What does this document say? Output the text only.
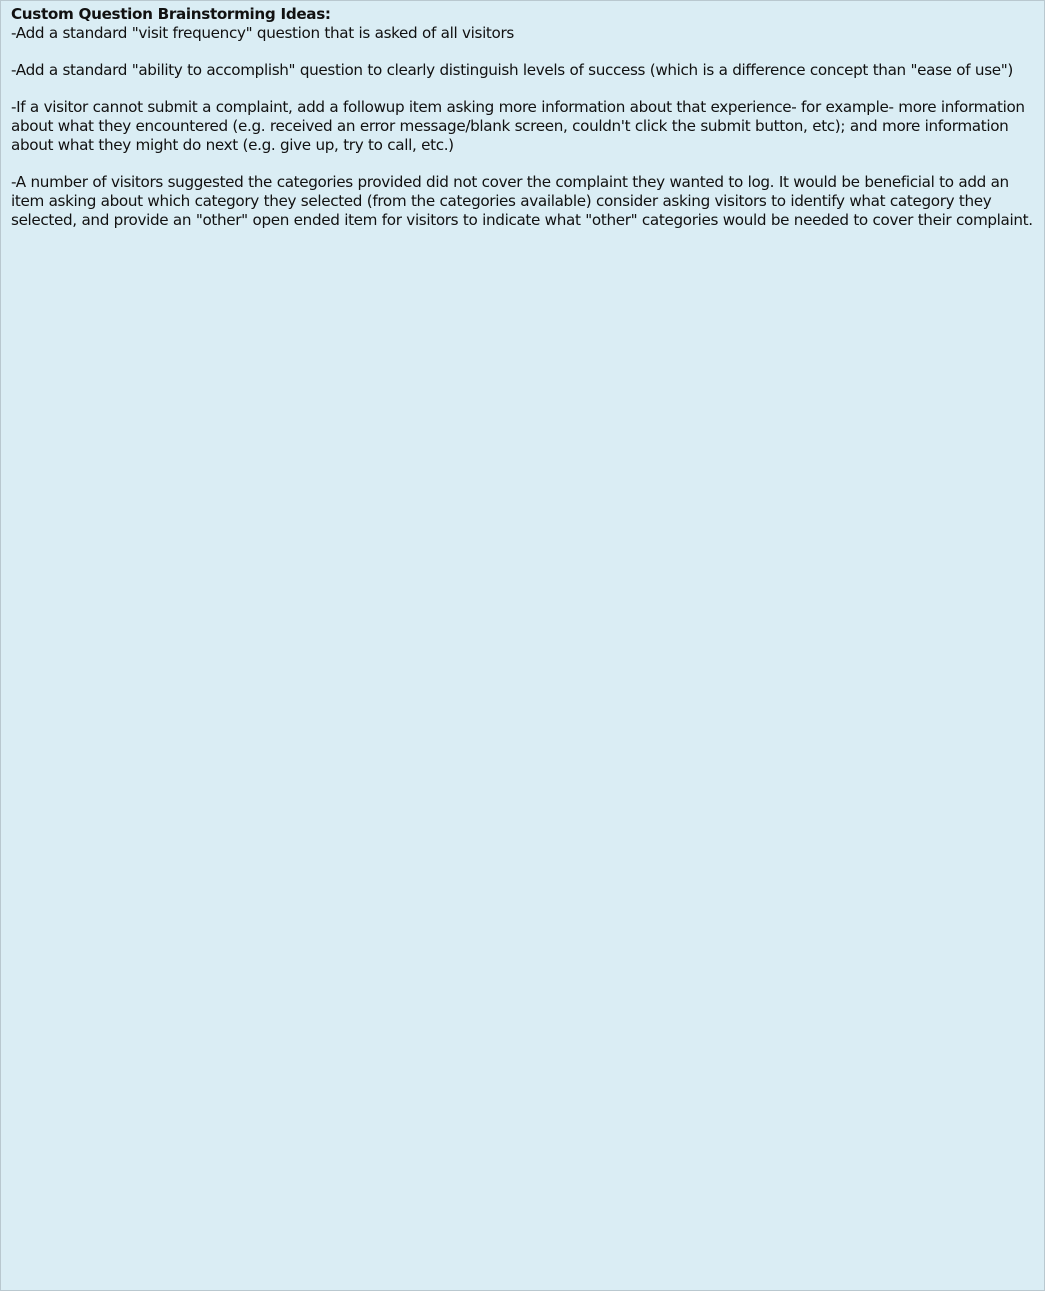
Custom Question Brainstorming Ideas:

-Add a standard "visit frequency" question that is asked of all visitors

-Add a standard "ability to accomplish" question to clearly distinguish levels of success (which is a difference concept than "ease of use")

-If a visitor cannot submit a complaint, add a followup item asking more information about that experience- for example- more information about what they encountered (e.g. received an error message/blank screen, couldn't click the submit button, etc); and more information about what they might do next (e.g. give up, try to call, etc.)

-A number of visitors suggested the categories provided did not cover the complaint they wanted to log. It would be beneficial to add an item asking about which category they selected (from the categories available) consider asking visitors to identify what category they selected, and provide an "other" open ended item for visitors to indicate what "other" categories would be needed to cover their complaint.
